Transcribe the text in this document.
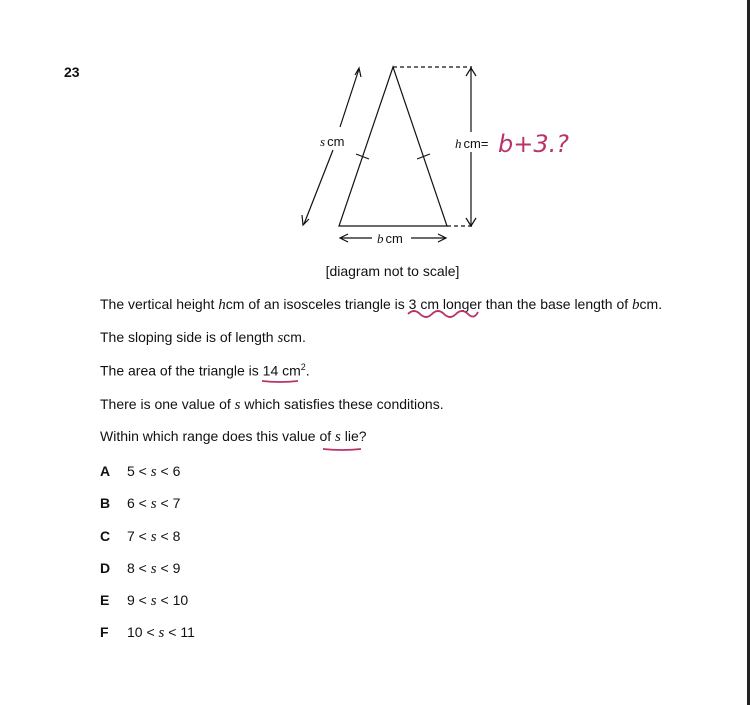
23
s cm	h cm=
b cm
b+3.?
[diagram not to scale]
The vertical height hcm of an isosceles triangle is 3 cm longer than the base length of bcm.
The sloping side is of length scm.
The area of the triangle is 14 $cm^2$.
There is one value of s which satisfies these conditions.
Within which range does this value of s lie?
A 5 < s < 6
B 6 < s < 7
C 7 < s < 8
D 8 < s < 9
E 9 < s < 10
F 10 < s < 11
